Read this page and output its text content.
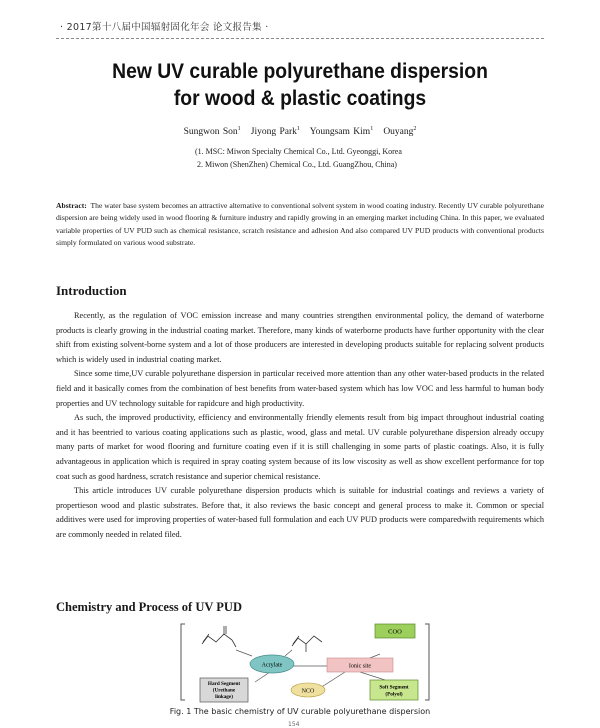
· 2017第十八届中国辐射固化年会 论文报告集 ·
New UV curable polyurethane dispersion
for wood & plastic coatings
Sungwon Son$^1$ Jiyong Park$^1$ Youngsam Kim$^1$ Ouyang$^2$
(1. MSC: Miwon Specialty Chemical Co., Ltd. Gyeonggi, Korea
2. Miwon (ShenZhen) Chemical Co., Ltd. GuangZhou, China)
Abstract: The water base system becomes an attractive alternative to conventional solvent system in wood coating industry. Recently UV curable polyurethane dispersion are being widely used in wood flooring & furniture industry and rapidly growing in an emerging market including China. In this paper, we evaluated variable properties of UV PUD such as chemical resistance, scratch resistance and adhesion And also compared UV PUD products with conventional products simply formulated on various wood substrate.
Introduction

Recently, as the regulation of VOC emission increase and many countries strengthen environmental policy, the demand of waterborne products is clearly growing in the industrial coating market. Therefore, many kinds of waterborne products have further opportunity with the clear shift from existing solvent-borne system and a lot of those producers are interested in developing products suitable for replacing solvent products which is widely used in industrial coating market.

Since some time,UV curable polyurethane dispersion in particular received more attention than any other water-based products in the related field and it basically comes from the combination of best benefits from water-based system which has low VOC and less harmful to human body properties and UV technology suitable for rapidcure and high productivity.

As such, the improved productivity, efficiency and environmentally friendly elements result from big impact throughout industrial coating and it has beentried to various coating applications such as plastic, wood, glass and metal. UV curable polyurethane dispersion already occupy many parts of market for wood flooring and furniture coating even if it is still challenging in some parts of plastic coatings. Also, it is fully advantageous in application which is required in spray coating system because of its low viscosity as well as show excellent performance for top coat such as good hardness, scratch resistance and superior chemical resistance.

This article introduces UV curable polyurethane dispersion products which is suitable for industrial coatings and reviews a variety of propertieson wood and plastic substrates. Before that, it also reviews the basic concept and general process to make it. Common or special additives were used for improving properties of water-based full formulation and each UV PUD products were comparedwith requirements which are commonly needed in related filed.

Chemistry and Process of UV PUD
Acrylate
COO
Ionic site
NCO
Hard Segment
(Urethane
linkage)
Soft Segment
(Polyol)
Fig. 1 The basic chemistry of UV curable polyurethane dispersion
154
